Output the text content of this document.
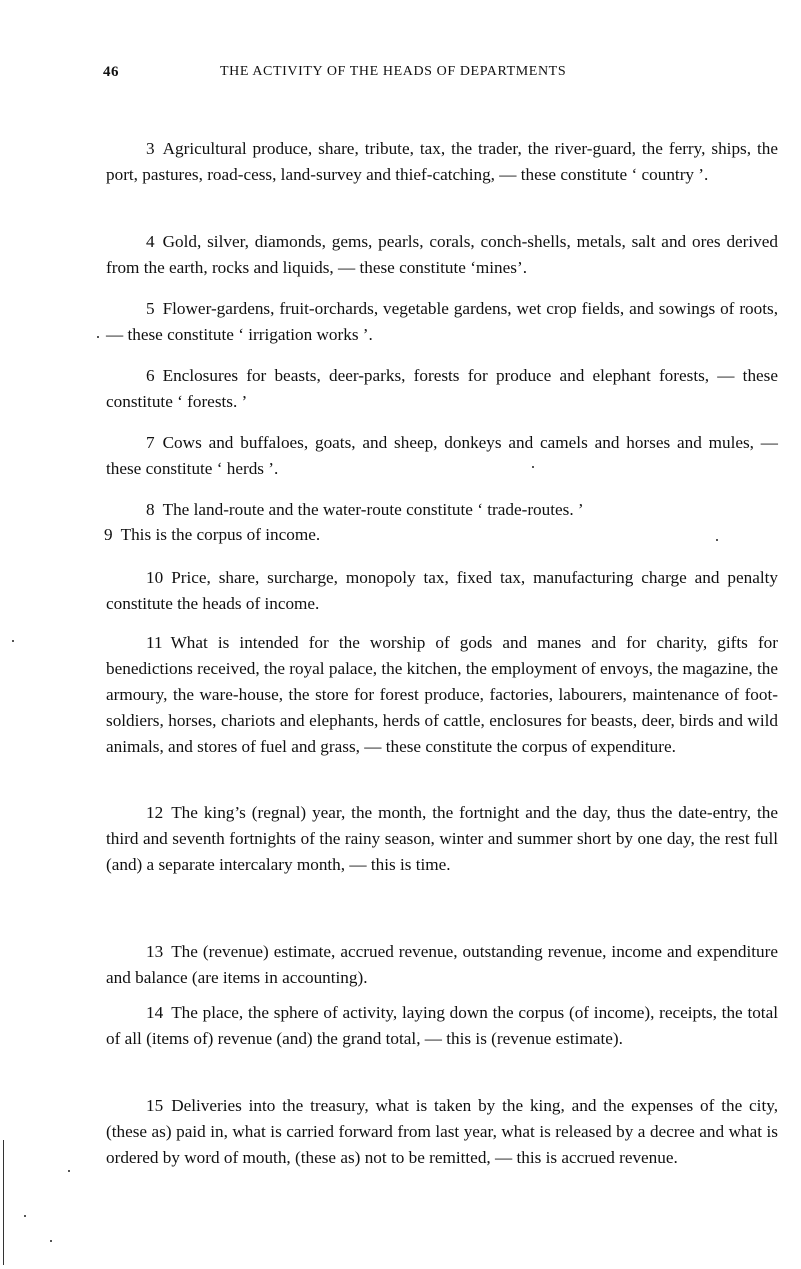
46	THE ACTIVITY OF THE HEADS OF DEPARTMENTS
3 Agricultural produce, share, tribute, tax, the trader, the river-guard, the ferry, ships, the port, pastures, road-cess, land-survey and thief-catching, — these constitute ‘ country ’.
4 Gold, silver, diamonds, gems, pearls, corals, conch-shells, metals, salt and ores derived from the earth, rocks and liquids, — these constitute ‘mines’.
5 Flower-gardens, fruit-orchards, vegetable gardens, wet crop fields, and sowings of roots, — these constitute ‘ irrigation works ’.
6 Enclosures for beasts, deer-parks, forests for produce and elephant forests, — these constitute ‘ forests. ’
7 Cows and buffaloes, goats, and sheep, donkeys and camels and horses and mules, — these constitute ‘ herds ’.
8 The land-route and the water-route constitute ‘ trade-routes. ’
9 This is the corpus of income.
10 Price, share, surcharge, monopoly tax, fixed tax, manufacturing charge and penalty constitute the heads of income.
11 What is intended for the worship of gods and manes and for charity, gifts for benedictions received, the royal palace, the kitchen, the employment of envoys, the magazine, the armoury, the ware-house, the store for forest produce, factories, labourers, maintenance of foot-soldiers, horses, chariots and elephants, herds of cattle, enclosures for beasts, deer, birds and wild animals, and stores of fuel and grass, — these constitute the corpus of expenditure.
12 The king’s (regnal) year, the month, the fortnight and the day, thus the date-entry, the third and seventh fortnights of the rainy season, winter and summer short by one day, the rest full (and) a separate intercalary month, — this is time.
13 The (revenue) estimate, accrued revenue, outstanding revenue, income and expenditure and balance (are items in accounting).
14 The place, the sphere of activity, laying down the corpus (of income), receipts, the total of all (items of) revenue (and) the grand total, — this is (revenue estimate).
15 Deliveries into the treasury, what is taken by the king, and the expenses of the city, (these as) paid in, what is carried forward from last year, what is released by a decree and what is ordered by word of mouth, (these as) not to be remitted, — this is accrued revenue.
